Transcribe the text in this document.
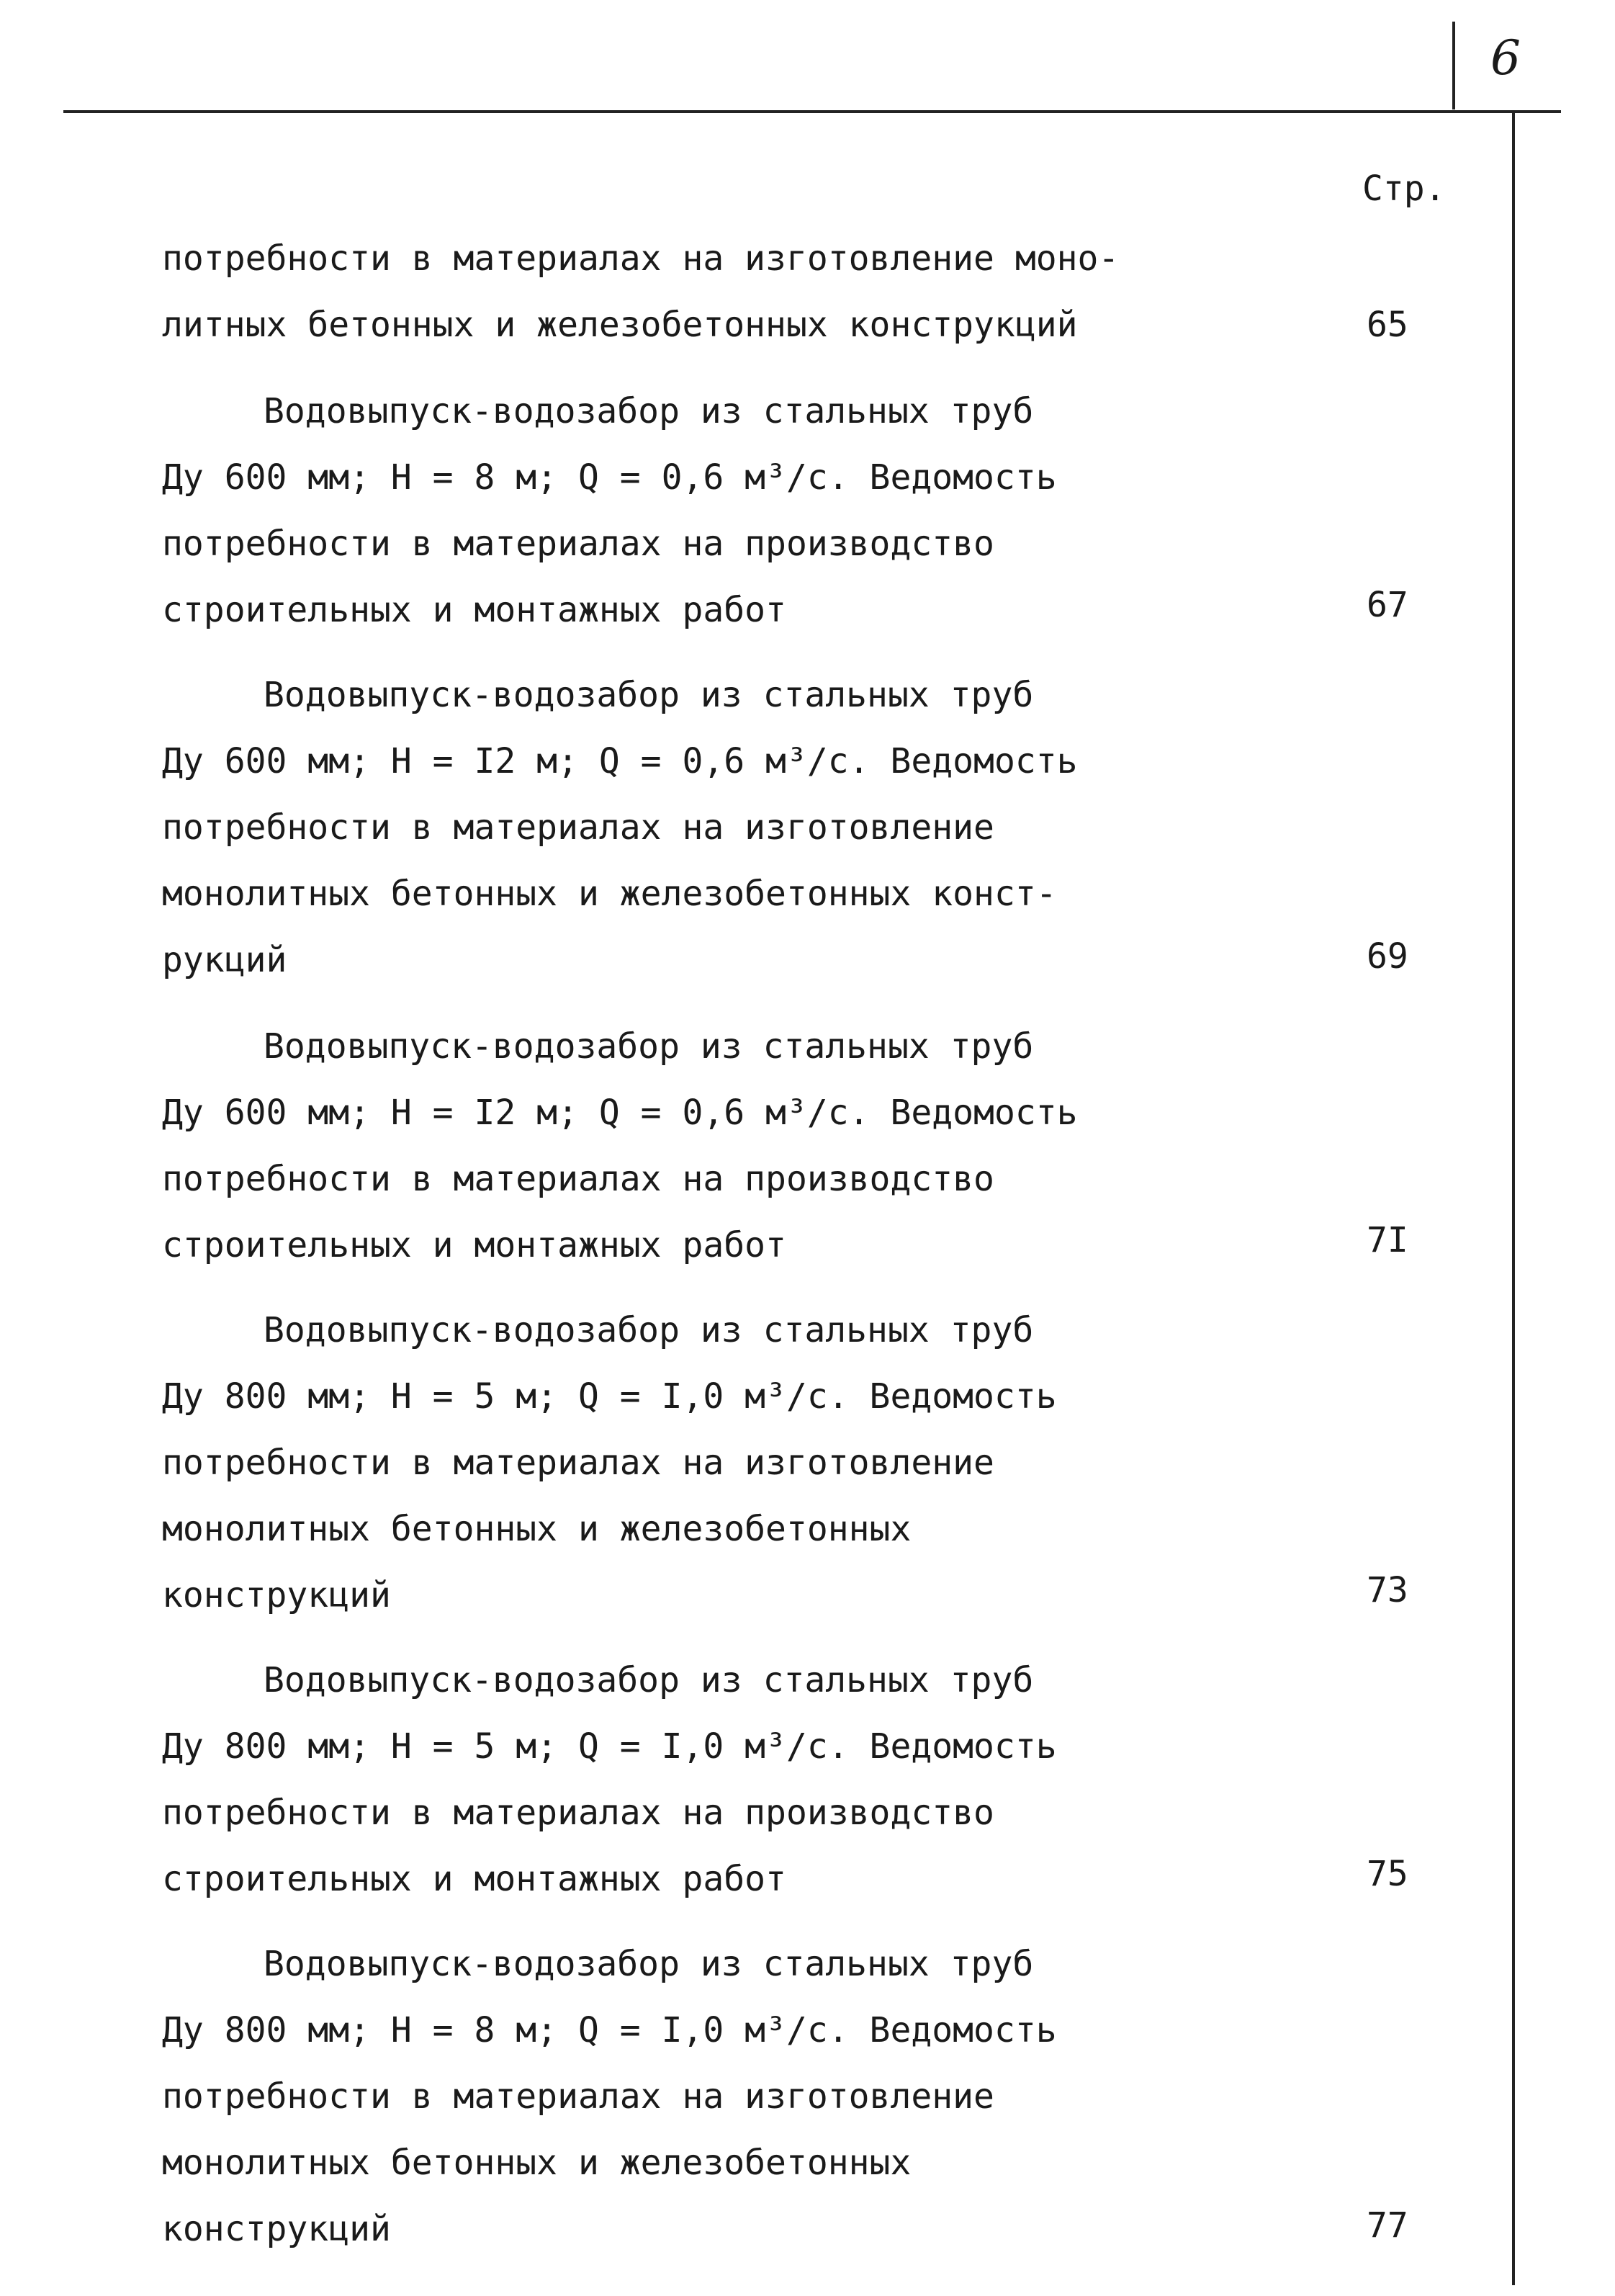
6
Стр.
потребности в материалах на изготовление моно-
литных бетонных и железобетонных конструкций	65
Водовыпуск-водозабор из стальных труб
Ду 600 мм; H = 8 м; Q = 0,6 м³/с. Ведомость
потребности в материалах на производство
строительных и монтажных работ	67
Водовыпуск-водозабор из стальных труб
Ду 600 мм; H = I2 м; Q = 0,6 м³/с. Ведомость
потребности в материалах на изготовление
монолитных бетонных и железобетонных конст-
рукций	69
Водовыпуск-водозабор из стальных труб
Ду 600 мм; H = I2 м; Q = 0,6 м³/с. Ведомость
потребности в материалах на производство
строительных и монтажных работ	7I
Водовыпуск-водозабор из стальных труб
Ду 800 мм; H = 5 м; Q = I,0 м³/с. Ведомость
потребности в материалах на изготовление
монолитных бетонных и железобетонных
конструкций	73
Водовыпуск-водозабор из стальных труб
Ду 800 мм; H = 5 м; Q = I,0 м³/с. Ведомость
потребности в материалах на производство
строительных и монтажных работ	75
Водовыпуск-водозабор из стальных труб
Ду 800 мм; H = 8 м; Q = I,0 м³/с. Ведомость
потребности в материалах на изготовление
монолитных бетонных и железобетонных
конструкций	77
